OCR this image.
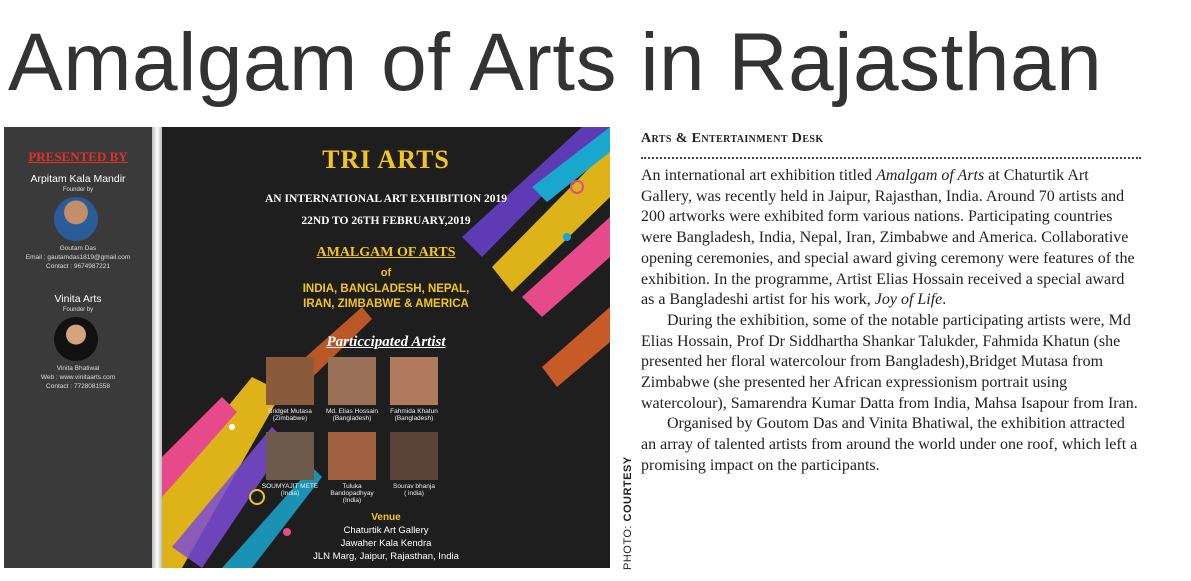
Amalgam of Arts in Rajasthan
PRESENTED BY
Arpitam Kala Mandir
Founder by
Goutam Das
Email : gautamdas1819@gmail.com
Contact : 9674987221
Vinita Arts
Founder by
Vinita Bhatiwal
Web : www.vinitaarts.com
Contact : 7728081558
TRI ARTS
AN INTERNATIONAL ART EXHIBITION 2019
22ND TO 26TH FEBRUARY,2019
AMALGAM OF ARTS
of
INDIA, BANGLADESH, NEPAL,
IRAN, ZIMBABWE & AMERICA
Particcipated Artist
Bridget Mutasa
(Zimbabwe)
Md. Elias Hossain
(Bangladesh)
Fahmida Khatun
(Bangladesh)
SOUMYAJIT METE
(India)
Tuluka Bandopadhyay
(India)
Sourav bhanja
( india)
Venue
Chaturtik Art Gallery
Jawaher Kala Kendra
JLN Marg, Jaipur, Rajasthan, India	PHOTO: COURTESY
Arts & Entertainment Desk

An international art exhibition titled Amalgam of Arts at Chaturtik Art Gallery, was recently held in Jaipur, Rajasthan, India. Around 70 artists and 200 artworks were exhibited form various nations. Participating countries were Bangladesh, India, Nepal, Iran, Zimbabwe and America. Collaborative opening ceremonies, and special award giving ceremony were features of the exhibition. In the programme, Artist Elias Hossain received a special award as a Bangladeshi artist for his work, Joy of Life.

During the exhibition, some of the notable participating artists were, Md Elias Hossain, Prof Dr Siddhartha Shankar Talukder, Fahmida Khatun (she presented her floral watercolour from Bangladesh),Bridget Mutasa from Zimbabwe (she presented her African expressionism portrait using watercolour), Samarendra Kumar Datta from India, Mahsa Isapour from Iran.

Organised by Goutom Das and Vinita Bhatiwal, the exhibition attracted an array of talented artists from around the world under one roof, which left a promising impact on the participants.
